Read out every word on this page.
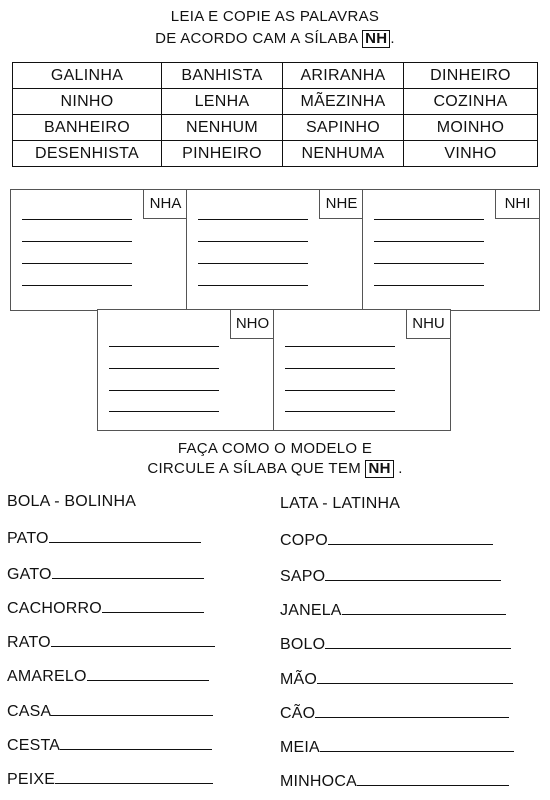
LEIA E COPIE AS PALAVRAS
DE ACORDO CAM A SÍLABA NH .
GALINHA	BANHISTA	ARIRANHA	DINHEIRO
NINHO	LENHA	MÃEZINHA	COZINHA
BANHEIRO	NENHUM	SAPINHO	MOINHO
DESENHISTA	PINHEIRO	NENHUMA	VINHO
NHA	NHE	NHI
NHO	NHU
FAÇA COMO O MODELO E
CIRCULE A SÍLABA QUE TEM NH .
BOLA - BOLINHA	LATA - LATINHA
PATO
GATO
CACHORRO
RATO
AMARELO
CASA
CESTA
PEIXE
COPO
SAPO
JANELA
BOLO
MÃO
CÃO
MEIA
MINHOCA
